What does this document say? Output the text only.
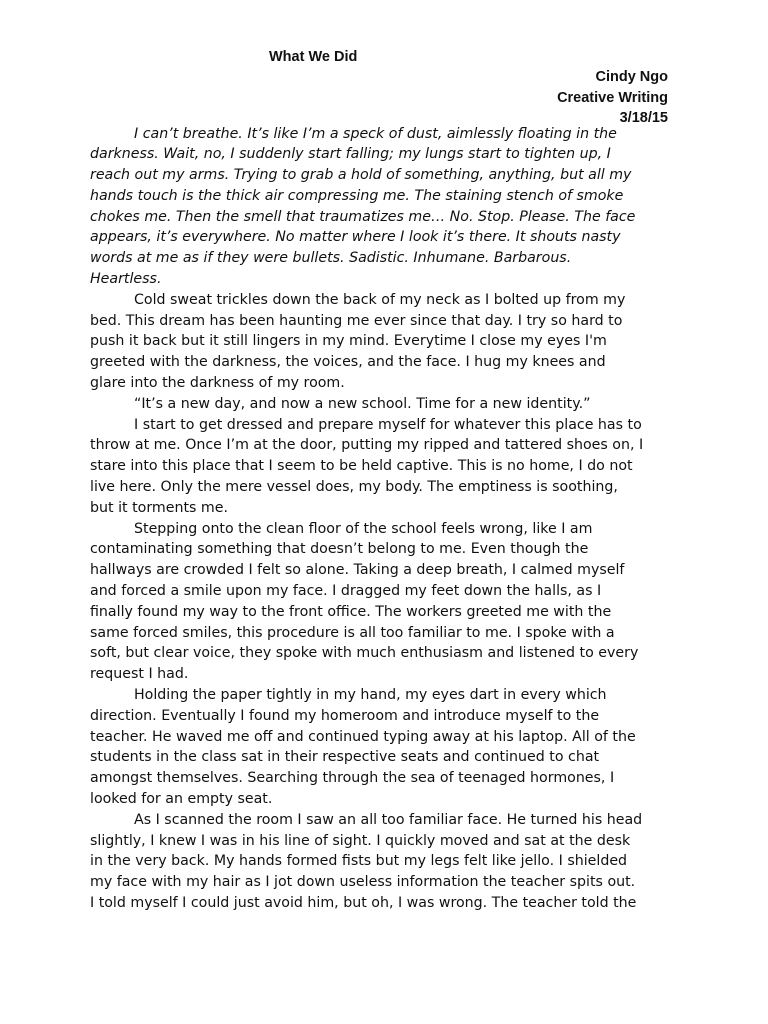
What We Did
Cindy Ngo
Creative Writing
3/18/15
I can’t breathe. It’s like I’m a speck of dust, aimlessly floating in the
darkness. Wait, no, I suddenly start falling; my lungs start to tighten up, I
reach out my arms. Trying to grab a hold of something, anything, but all my
hands touch is the thick air compressing me. The staining stench of smoke
chokes me. Then the smell that traumatizes me… No. Stop. Please. The face
appears, it’s everywhere. No matter where I look it’s there. It shouts nasty
words at me as if they were bullets. Sadistic. Inhumane. Barbarous.
Heartless.
Cold sweat trickles down the back of my neck as I bolted up from my
bed. This dream has been haunting me ever since that day. I try so hard to
push it back but it still lingers in my mind. Everytime I close my eyes I'm
greeted with the darkness, the voices, and the face. I hug my knees and
glare into the darkness of my room.
“It’s a new day, and now a new school. Time for a new identity.”
I start to get dressed and prepare myself for whatever this place has to
throw at me. Once I’m at the door, putting my ripped and tattered shoes on, I
stare into this place that I seem to be held captive. This is no home, I do not
live here. Only the mere vessel does, my body. The emptiness is soothing,
but it torments me.
Stepping onto the clean floor of the school feels wrong, like I am
contaminating something that doesn’t belong to me. Even though the
hallways are crowded I felt so alone. Taking a deep breath, I calmed myself
and forced a smile upon my face. I dragged my feet down the halls, as I
finally found my way to the front office. The workers greeted me with the
same forced smiles, this procedure is all too familiar to me. I spoke with a
soft, but clear voice, they spoke with much enthusiasm and listened to every
request I had.
Holding the paper tightly in my hand, my eyes dart in every which
direction. Eventually I found my homeroom and introduce myself to the
teacher. He waved me off and continued typing away at his laptop. All of the
students in the class sat in their respective seats and continued to chat
amongst themselves. Searching through the sea of teenaged hormones, I
looked for an empty seat.
As I scanned the room I saw an all too familiar face. He turned his head
slightly, I knew I was in his line of sight. I quickly moved and sat at the desk
in the very back. My hands formed fists but my legs felt like jello. I shielded
my face with my hair as I jot down useless information the teacher spits out.
I told myself I could just avoid him, but oh, I was wrong. The teacher told the
